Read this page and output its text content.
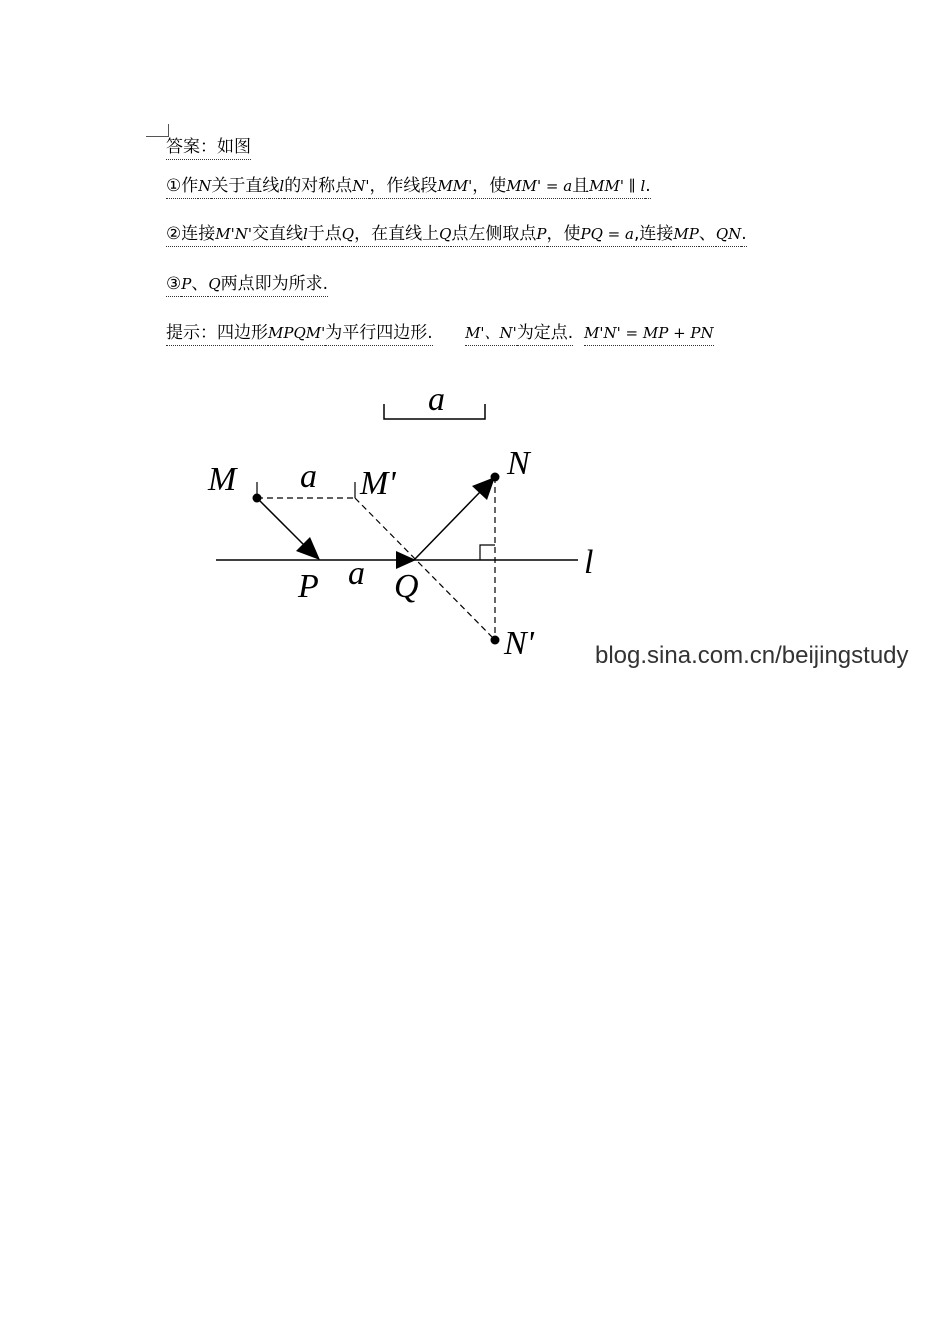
答案：如图
①作N关于直线l的对称点N'，作线段MM'，使MM' = a且MM' ∥ l.
②连接M'N'交直线l于点Q，在直线上Q点左侧取点P，使PQ = a,连接MP、QN.
③P、Q两点即为所求.
提示：四边形MPQM'为平行四边形. M'、N'为定点. M'N' = MP + PN
a
l
M a M'
N
P a Q
N'	blog.sina.com.cn/beijingstudy
